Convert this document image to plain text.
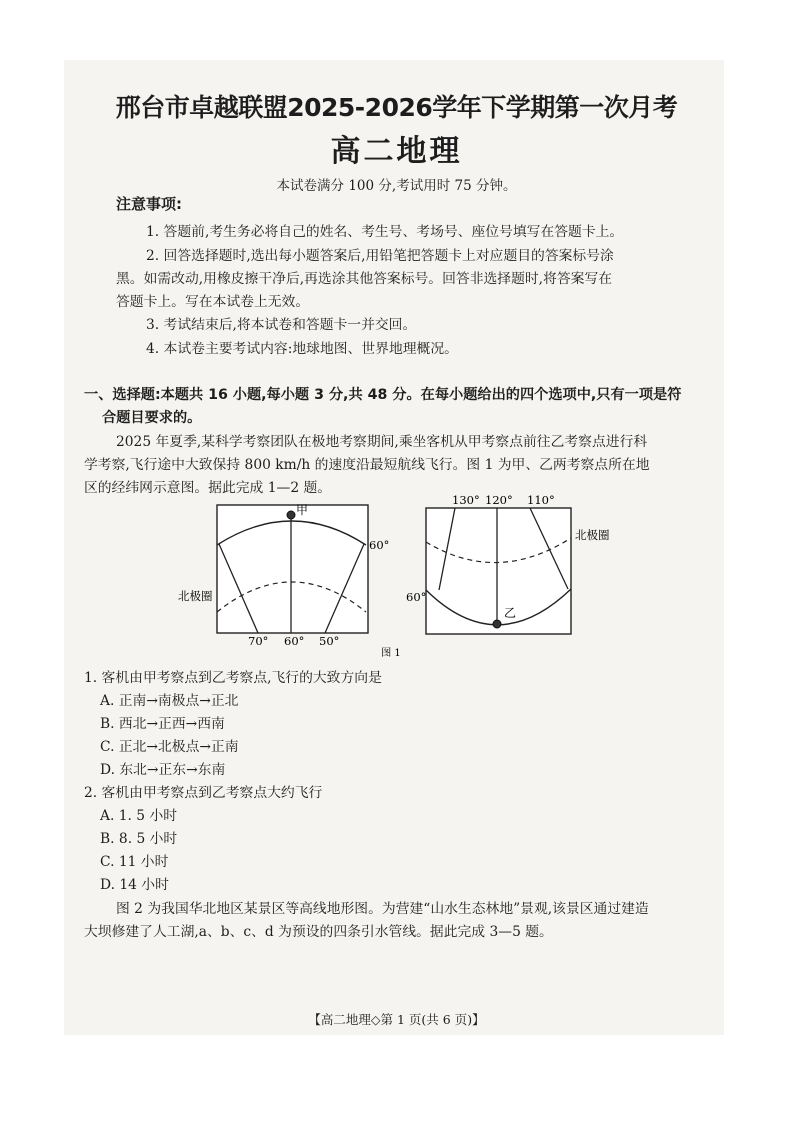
邢台市卓越联盟2025-2026学年下学期第一次月考
高二地理
本试卷满分 100 分,考试用时 75 分钟。
注意事项:
1. 答题前,考生务必将自己的姓名、考生号、考场号、座位号填写在答题卡上。
2. 回答选择题时,选出每小题答案后,用铅笔把答题卡上对应题目的答案标号涂
黑。如需改动,用橡皮擦干净后,再选涂其他答案标号。回答非选择题时,将答案写在
答题卡上。写在本试卷上无效。
3. 考试结束后,将本试卷和答题卡一并交回。
4. 本试卷主要考试内容:地球地图、世界地理概况。
一、选择题:本题共 16 小题,每小题 3 分,共 48 分。在每小题给出的四个选项中,只有一项是符
合题目要求的。
2025 年夏季,某科学考察团队在极地考察期间,乘坐客机从甲考察点前往乙考察点进行科
学考察,飞行途中大致保持 800 km/h 的速度沿最短航线飞行。图 1 为甲、乙两考察点所在地
区的经纬网示意图。据此完成 1—2 题。
甲
60°
北极圈
70° 60° 50°
130° 120° 110°
北极圈
60°
乙
图 1
1. 客机由甲考察点到乙考察点,飞行的大致方向是
A. 正南→南极点→正北
B. 西北→正西→西南
C. 正北→北极点→正南
D. 东北→正东→东南
2. 客机由甲考察点到乙考察点大约飞行
A. 1. 5 小时
B. 8. 5 小时
C. 11 小时
D. 14 小时
图 2 为我国华北地区某景区等高线地形图。为营建“山水生态林地”景观,该景区通过建造
大坝修建了人工湖,a、b、c、d 为预设的四条引水管线。据此完成 3—5 题。
【高二地理◇第 1 页(共 6 页)】
